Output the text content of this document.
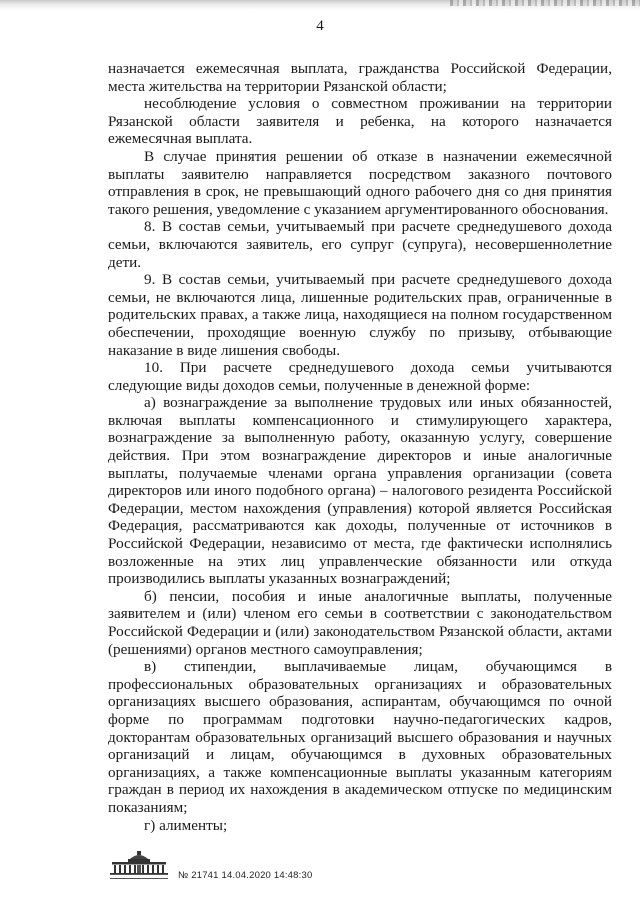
4
назначается ежемесячная выплата, гражданства Российской Федерации,
места жительства на территории Рязанской области;
несоблюдение условия о совместном проживании на территории
Рязанской области заявителя и ребенка, на которого назначается
ежемесячная выплата.
В случае принятия решении об отказе в назначении ежемесячной
выплаты заявителю направляется посредством заказного почтового
отправления в срок, не превышающий одного рабочего дня со дня принятия
такого решения, уведомление с указанием аргументированного обоснования.
8. В состав семьи, учитываемый при расчете среднедушевого дохода
семьи, включаются заявитель, его супруг (супруга), несовершеннолетние
дети.
9. В состав семьи, учитываемый при расчете среднедушевого дохода
семьи, не включаются лица, лишенные родительских прав, ограниченные в
родительских правах, а также лица, находящиеся на полном государственном
обеспечении, проходящие военную службу по призыву, отбывающие
наказание в виде лишения свободы.
10. При расчете среднедушевого дохода семьи учитываются
следующие виды доходов семьи, полученные в денежной форме:
а) вознаграждение за выполнение трудовых или иных обязанностей,
включая выплаты компенсационного и стимулирующего характера,
вознаграждение за выполненную работу, оказанную услугу, совершение
действия. При этом вознаграждение директоров и иные аналогичные
выплаты, получаемые членами органа управления организации (совета
директоров или иного подобного органа) – налогового резидента Российской
Федерации, местом нахождения (управления) которой является Российская
Федерация, рассматриваются как доходы, полученные от источников в
Российской Федерации, независимо от места, где фактически исполнялись
возложенные на этих лиц управленческие обязанности или откуда
производились выплаты указанных вознаграждений;
б) пенсии, пособия и иные аналогичные выплаты, полученные
заявителем и (или) членом его семьи в соответствии с законодательством
Российской Федерации и (или) законодательством Рязанской области, актами
(решениями) органов местного самоуправления;
в) стипендии, выплачиваемые лицам, обучающимся в
профессиональных образовательных организациях и образовательных
организациях высшего образования, аспирантам, обучающимся по очной
форме по программам подготовки научно-педагогических кадров,
докторантам образовательных организаций высшего образования и научных
организаций и лицам, обучающимся в духовных образовательных
организациях, а также компенсационные выплаты указанным категориям
граждан в период их нахождения в академическом отпуске по медицинским
показаниям;
г) алименты;
№ 21741 14.04.2020 14:48:30
